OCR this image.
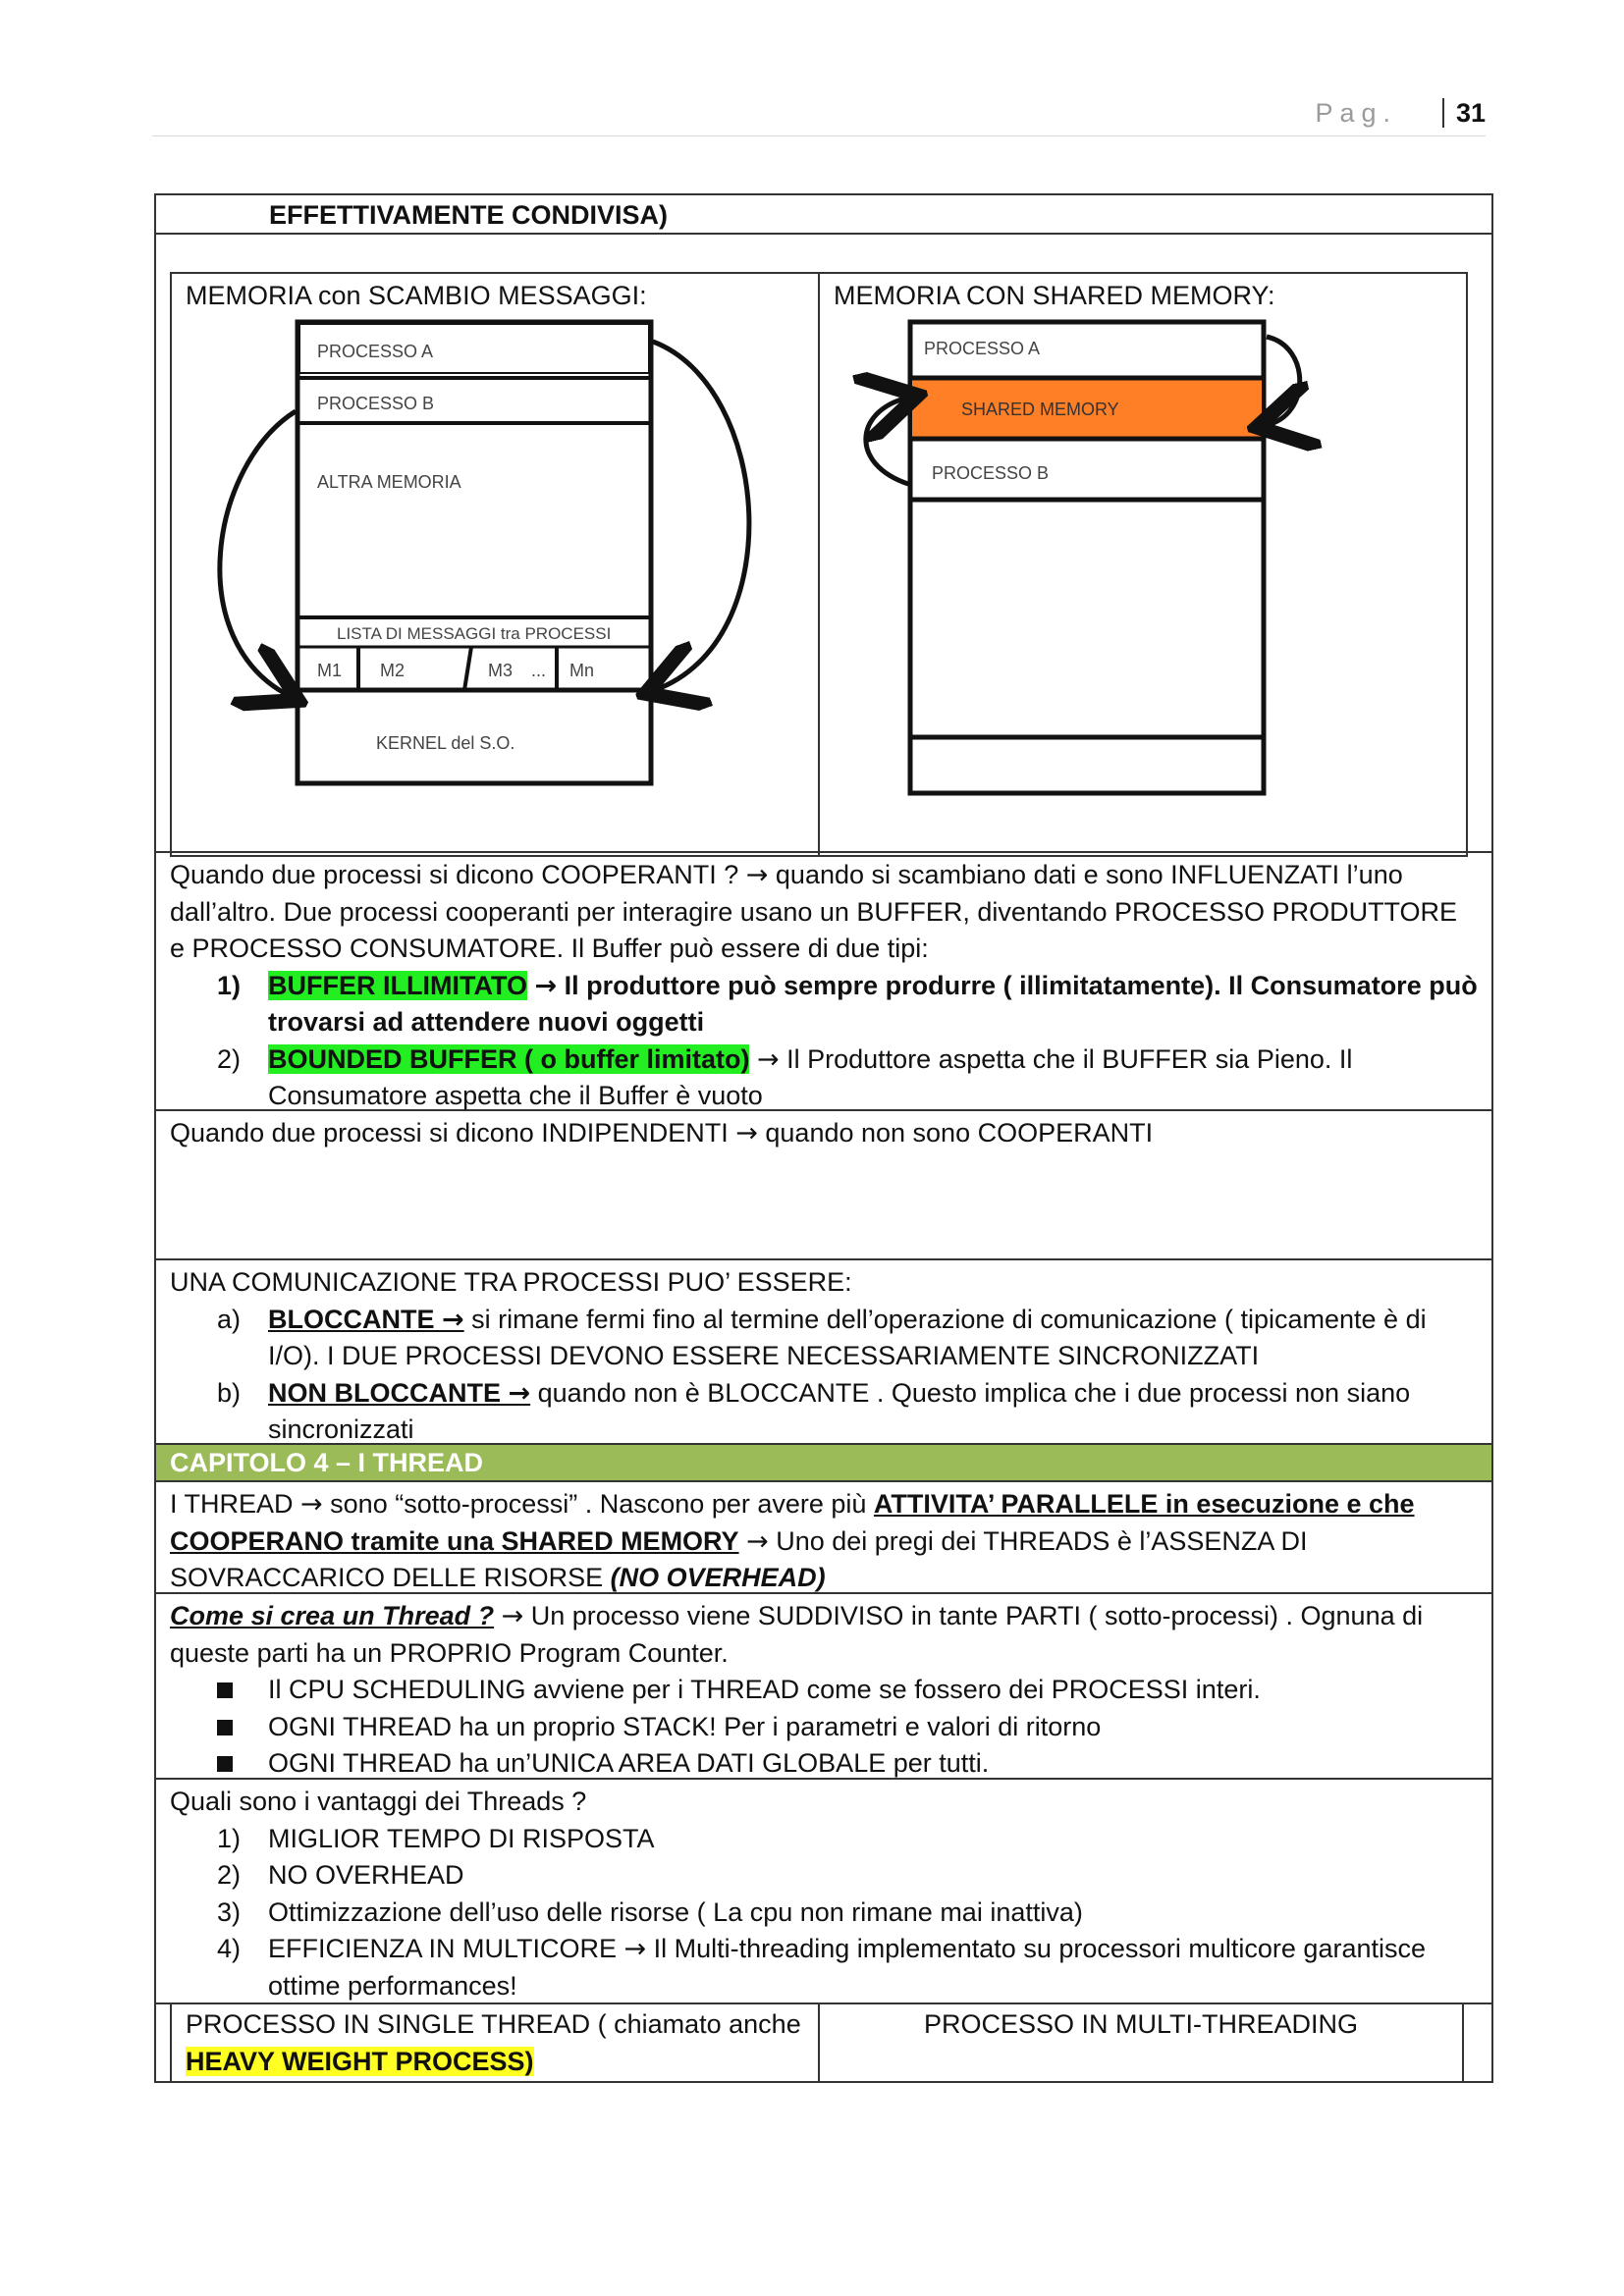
Pag.	31
EFFETTIVAMENTE CONDIVISA)
MEMORIA con SCAMBIO MESSAGGI:
PROCESSO A
PROCESSO B
ALTRA MEMORIA
LISTA DI MESSAGGI tra PROCESSI
M1 M2	M3 ... Mn
KERNEL del S.O.
MEMORIA CON SHARED MEMORY:
PROCESSO A
SHARED MEMORY
PROCESSO B
Quando due processi si dicono COOPERANTI ? → quando si scambiano dati e sono INFLUENZATI l’uno dall’altro. Due processi cooperanti per interagire usano un BUFFER, diventando PROCESSO PRODUTTORE e PROCESSO CONSUMATORE. Il Buffer può essere di due tipi:
1) BUFFER ILLIMITATO → Il produttore può sempre produrre ( illimitatamente). Il Consumatore può trovarsi ad attendere nuovi oggetti
2) BOUNDED BUFFER ( o buffer limitato) → Il Produttore aspetta che il BUFFER sia Pieno. Il Consumatore aspetta che il Buffer è vuoto
Quando due processi si dicono INDIPENDENTI → quando non sono COOPERANTI
UNA COMUNICAZIONE TRA PROCESSI PUO’ ESSERE:
a) BLOCCANTE → si rimane fermi fino al termine dell’operazione di comunicazione ( tipicamente è di I/O). I DUE PROCESSI DEVONO ESSERE NECESSARIAMENTE SINCRONIZZATI
b) NON BLOCCANTE → quando non è BLOCCANTE . Questo implica che i due processi non siano sincronizzati
CAPITOLO 4 – I THREAD
I THREAD → sono “sotto-processi” . Nascono per avere più ATTIVITA’ PARALLELE in esecuzione e che COOPERANO tramite una SHARED MEMORY → Uno dei pregi dei THREADS è l’ASSENZA DI SOVRACCARICO DELLE RISORSE (NO OVERHEAD)
Come si crea un Thread ? → Un processo viene SUDDIVISO in tante PARTI ( sotto-processi) . Ognuna di queste parti ha un PROPRIO Program Counter.
Il CPU SCHEDULING avviene per i THREAD come se fossero dei PROCESSI interi.
OGNI THREAD ha un proprio STACK! Per i parametri e valori di ritorno
OGNI THREAD ha un’UNICA AREA DATI GLOBALE per tutti.
Quali sono i vantaggi dei Threads ?
1) MIGLIOR TEMPO DI RISPOSTA
2) NO OVERHEAD
3) Ottimizzazione dell’uso delle risorse ( La cpu non rimane mai inattiva)
4) EFFICIENZA IN MULTICORE → Il Multi-threading implementato su processori multicore garantisce ottime performances!
PROCESSO IN SINGLE THREAD ( chiamato anche HEAVY WEIGHT PROCESS)
PROCESSO IN MULTI-THREADING
